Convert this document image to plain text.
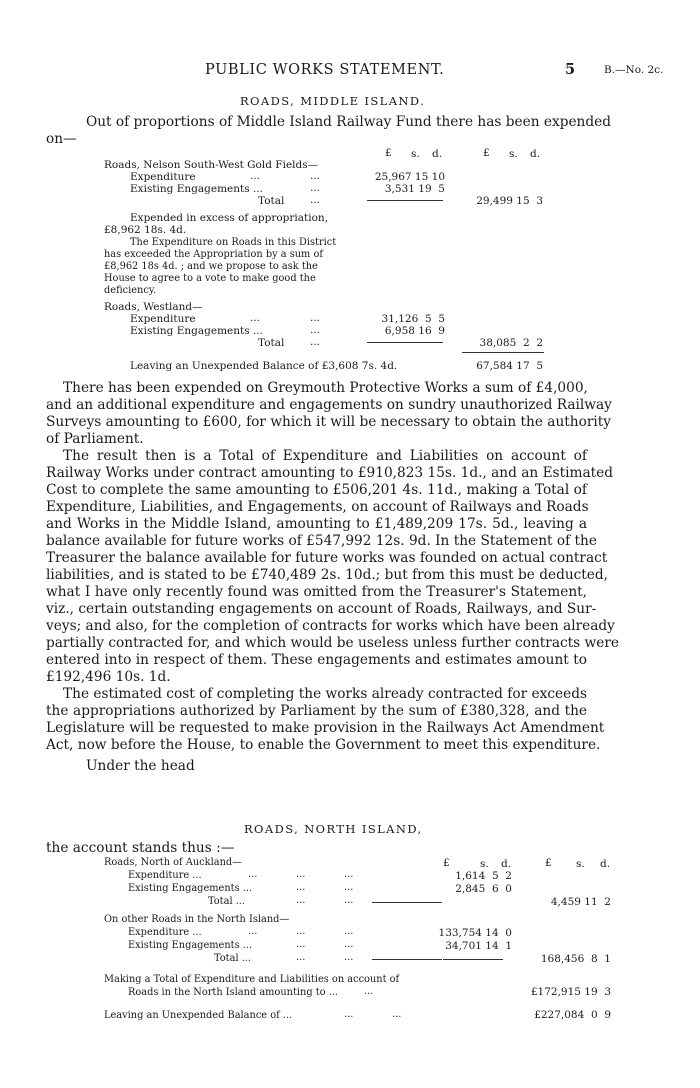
PUBLIC WORKS STATEMENT.	5	B.—No. 2c.
ROADS, MIDDLE ISLAND.

Out of proportions of Middle Island Railway Fund there has been expended

on—
£ s. d.	£ s. d.
Roads, Nelson South-West Gold Fields—
Expenditure	...	...	25,967 15 10
Existing Engagements ...	...	3,531 19  5
Total ...	29,499 15  3
Expended in excess of appropriation,
£8,962 18s. 4d.
The Expenditure on Roads in this District
has exceeded the Appropriation by a sum of
£8,962 18s 4d. ; and we propose to ask the
House to agree to a vote to make good the
deficiency.
Roads, Westland—
Expenditure	...	...	31,126  5  5
Existing Engagements ...	...	6,958 16  9
Total ...	38,085  2  2
Leaving an Unexpended Balance of £3,608 7s. 4d.	67,584 17  5

There has been expended on Greymouth Protective Works a sum of £4,000,

and an additional expenditure and engagements on sundry unauthorized Railway

Surveys amounting to £600, for which it will be necessary to obtain the authority

of Parliament.

The result then is a Total of Expenditure and Liabilities on account of

Railway Works under contract amounting to £910,823 15s. 1d., and an Estimated

Cost to complete the same amounting to £506,201 4s. 11d., making a Total of

Expenditure, Liabilities, and Engagements, on account of Railways and Roads

and Works in the Middle Island, amounting to £1,489,209 17s. 5d., leaving a

balance available for future works of £547,992 12s. 9d. In the Statement of the

Treasurer the balance available for future works was founded on actual contract

liabilities, and is stated to be £740,489 2s. 10d.; but from this must be deducted,

what I have only recently found was omitted from the Treasurer's Statement,

viz., certain outstanding engagements on account of Roads, Railways, and Sur-

veys; and also, for the completion of contracts for works which have been already

partially contracted for, and which would be useless unless further contracts were

entered into in respect of them. These engagements and estimates amount to

£192,496 10s. 1d.

The estimated cost of completing the works already contracted for exceeds

the appropriations authorized by Parliament by the sum of £380,328, and the

Legislature will be requested to make provision in the Railways Act Amendment

Act, now before the House, to enable the Government to meet this expenditure.

Under the head
ROADS, NORTH ISLAND,
the account stands thus :—
£	s. d.	£ s. d.
Roads, North of Auckland—
Expenditure ...	...	...	...	1,614  5  2
Existing Engagements ...	...	...	2,845  6  0
Total ...	...	...	4,459 11  2
On other Roads in the North Island—
Expenditure ...	...	...	...	133,754 14  0
Existing Engagements ...	...	...	34,701 14  1
Total ...	...	...	168,456  8  1
Making a Total of Expenditure and Liabilities on account of
Roads in the North Island amounting to ...	...	£172,915 19  3
Leaving an Unexpended Balance of ...	...	...	£227,084  0  9
